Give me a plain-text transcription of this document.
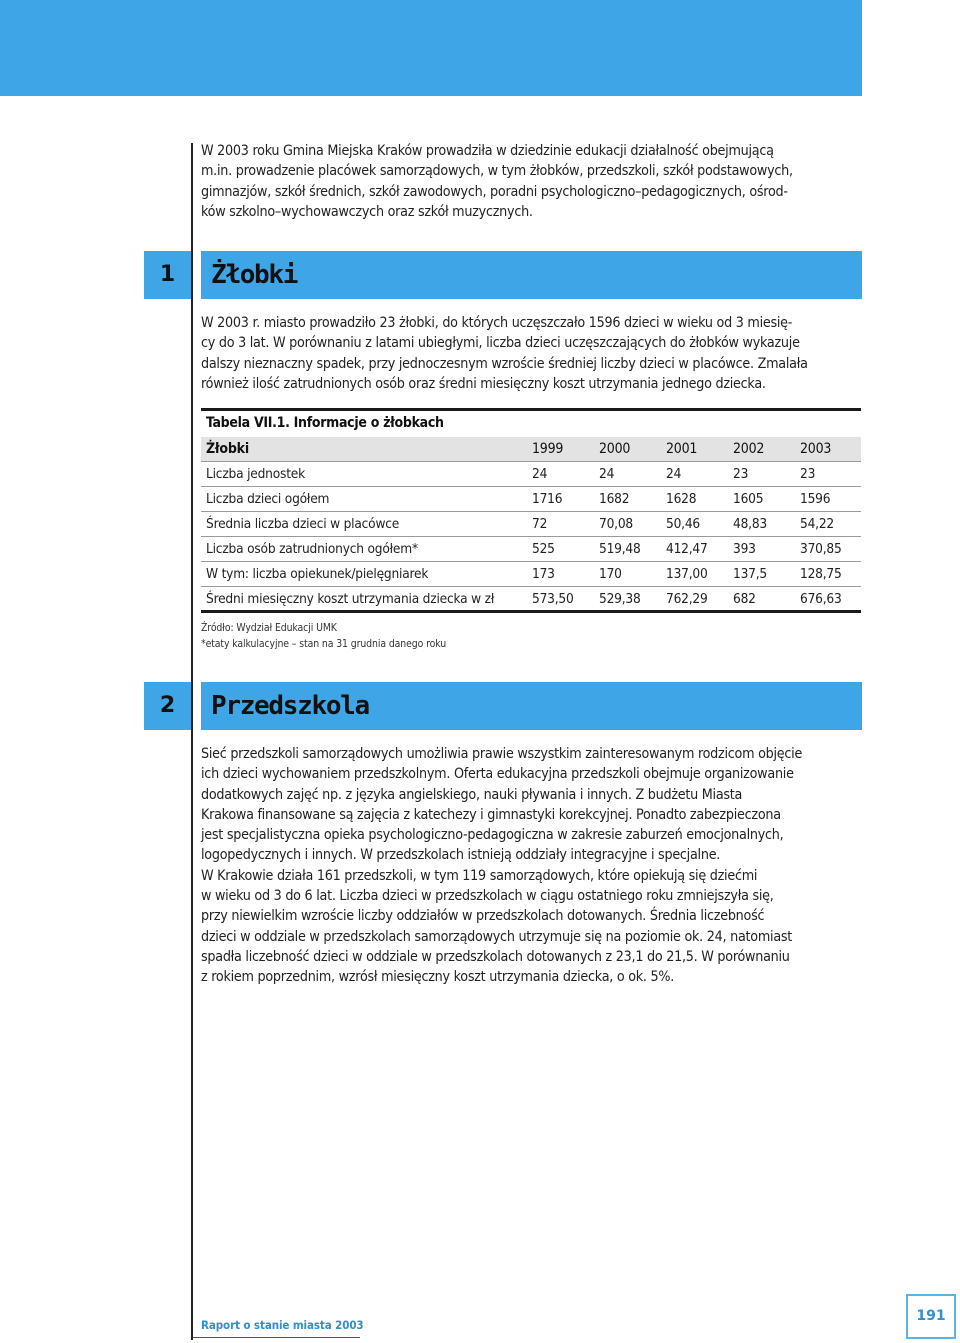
W 2003 roku Gmina Miejska Kraków prowadziła w dziedzinie edukacji działalność obejmującą
m.in. prowadzenie placówek samorządowych, w tym żłobków, przedszkoli, szkół podstawowych,
gimnazjów, szkół średnich, szkół zawodowych, poradni psychologiczno–pedagogicznych, ośrod-
ków szkolno–wychowawczych oraz szkół muzycznych.

1	Żłobki

W 2003 r. miasto prowadziło 23 żłobki, do których uczęszczało 1596 dzieci w wieku od 3 miesię-
cy do 3 lat. W porównaniu z latami ubiegłymi, liczba dzieci uczęszczających do żłobków wykazuje
dalszy nieznaczny spadek, przy jednoczesnym wzroście średniej liczby dzieci w placówce. Zmalała
również ilość zatrudnionych osób oraz średni miesięczny koszt utrzymania jednego dziecka.

Tabela VII.1. Informacje o żłobkach
Żłobki	1999	2000	2001	2002	2003
Liczba jednostek	24	24	24	23	23
Liczba dzieci ogółem	1716	1682	1628	1605	1596
Średnia liczba dzieci w placówce	72	70,08	50,46	48,83	54,22
Liczba osób zatrudnionych ogółem*	525	519,48	412,47	393	370,85
W tym: liczba opiekunek/pielęgniarek	173	170	137,00	137,5	128,75
Średni miesięczny koszt utrzymania dziecka w zł	573,50	529,38	762,29	682	676,63
Źródło: Wydział Edukacji UMK
*etaty kalkulacyjne – stan na 31 grudnia danego roku
2	Przedszkola

Sieć przedszkoli samorządowych umożliwia prawie wszystkim zainteresowanym rodzicom objęcie
ich dzieci wychowaniem przedszkolnym. Oferta edukacyjna przedszkoli obejmuje organizowanie
dodatkowych zajęć np. z języka angielskiego, nauki pływania i innych. Z budżetu Miasta
Krakowa finansowane są zajęcia z katechezy i gimnastyki korekcyjnej. Ponadto zabezpieczona
jest specjalistyczna opieka psychologiczno-pedagogiczna w zakresie zaburzeń emocjonalnych,
logopedycznych i innych. W przedszkolach istnieją oddziały integracyjne i specjalne.
W Krakowie działa 161 przedszkoli, w tym 119 samorządowych, które opiekują się dziećmi
w wieku od 3 do 6 lat. Liczba dzieci w przedszkolach w ciągu ostatniego roku zmniejszyła się,
przy niewielkim wzroście liczby oddziałów w przedszkolach dotowanych. Średnia liczebność
dzieci w oddziale w przedszkolach samorządowych utrzymuje się na poziomie ok. 24, natomiast
spadła liczebność dzieci w oddziale w przedszkolach dotowanych z 23,1 do 21,5. W porównaniu
z rokiem poprzednim, wzrósł miesięczny koszt utrzymania dziecka, o ok. 5%.

Raport o stanie miasta 2003
191
